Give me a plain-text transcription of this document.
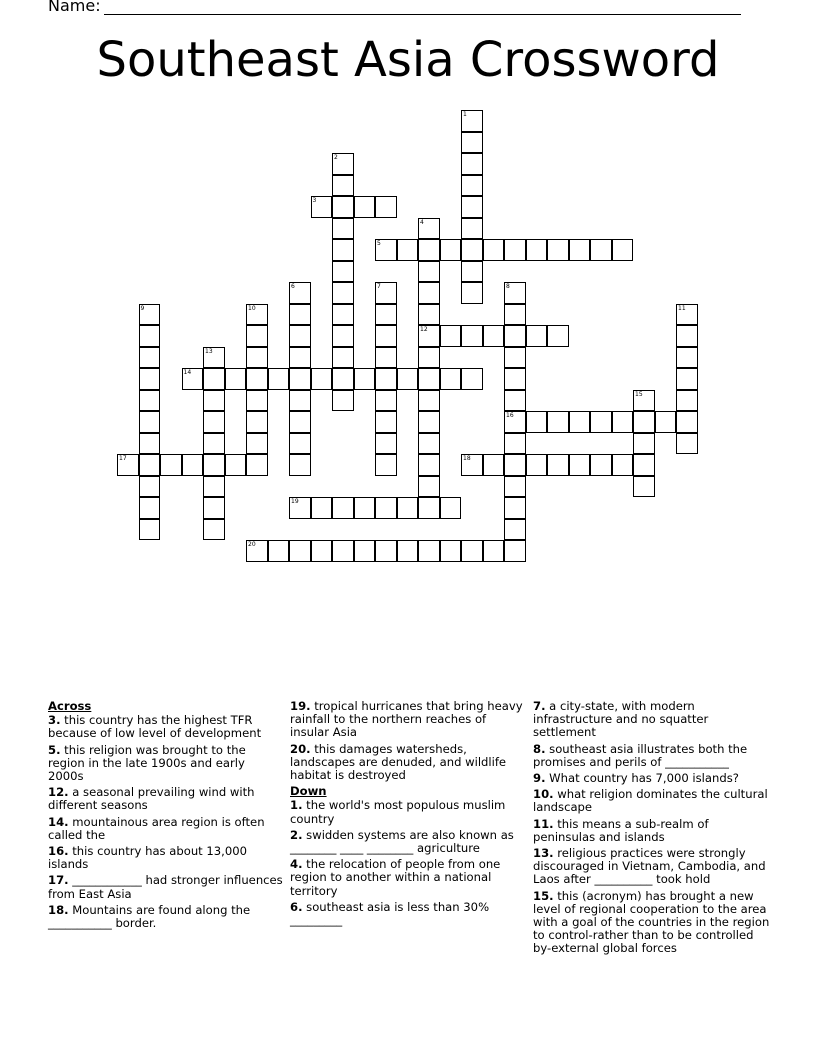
Name:
Southeast Asia Crossword
1
2
3
4
12
5
6	7	8
16
9	10	11
13
14
15
17	18
19
20
Across
3. this country has the highest TFR because of low level of development
5. this religion was brought to the region in the late 1900s and early 2000s
12. a seasonal prevailing wind with different seasons
14. mountainous area region is often called the
16. this country has about 13,000 islands
17. ____________ had stronger influences from East Asia
18. Mountains are found along the ___________ border.
19. tropical hurricanes that bring heavy rainfall to the northern reaches of insular Asia
20. this damages watersheds, landscapes are denuded, and wildlife habitat is destroyed
Down
1. the world's most populous muslim country
2. swidden systems are also known as ________ ____ ________ agriculture
4. the relocation of people from one region to another within a national territory
6. southeast asia is less than 30% _________
7. a city-state, with modern infrastructure and no squatter settlement
8. southeast asia illustrates both the promises and perils of ___________
9. What country has 7,000 islands?
10. what religion dominates the cultural landscape
11. this means a sub-realm of peninsulas and islands
13. religious practices were strongly discouraged in Vietnam, Cambodia, and Laos after __________ took hold
15. this (acronym) has brought a new level of regional cooperation to the area with a goal of the countries in the region to control-rather than to be controlled by-external global forces
